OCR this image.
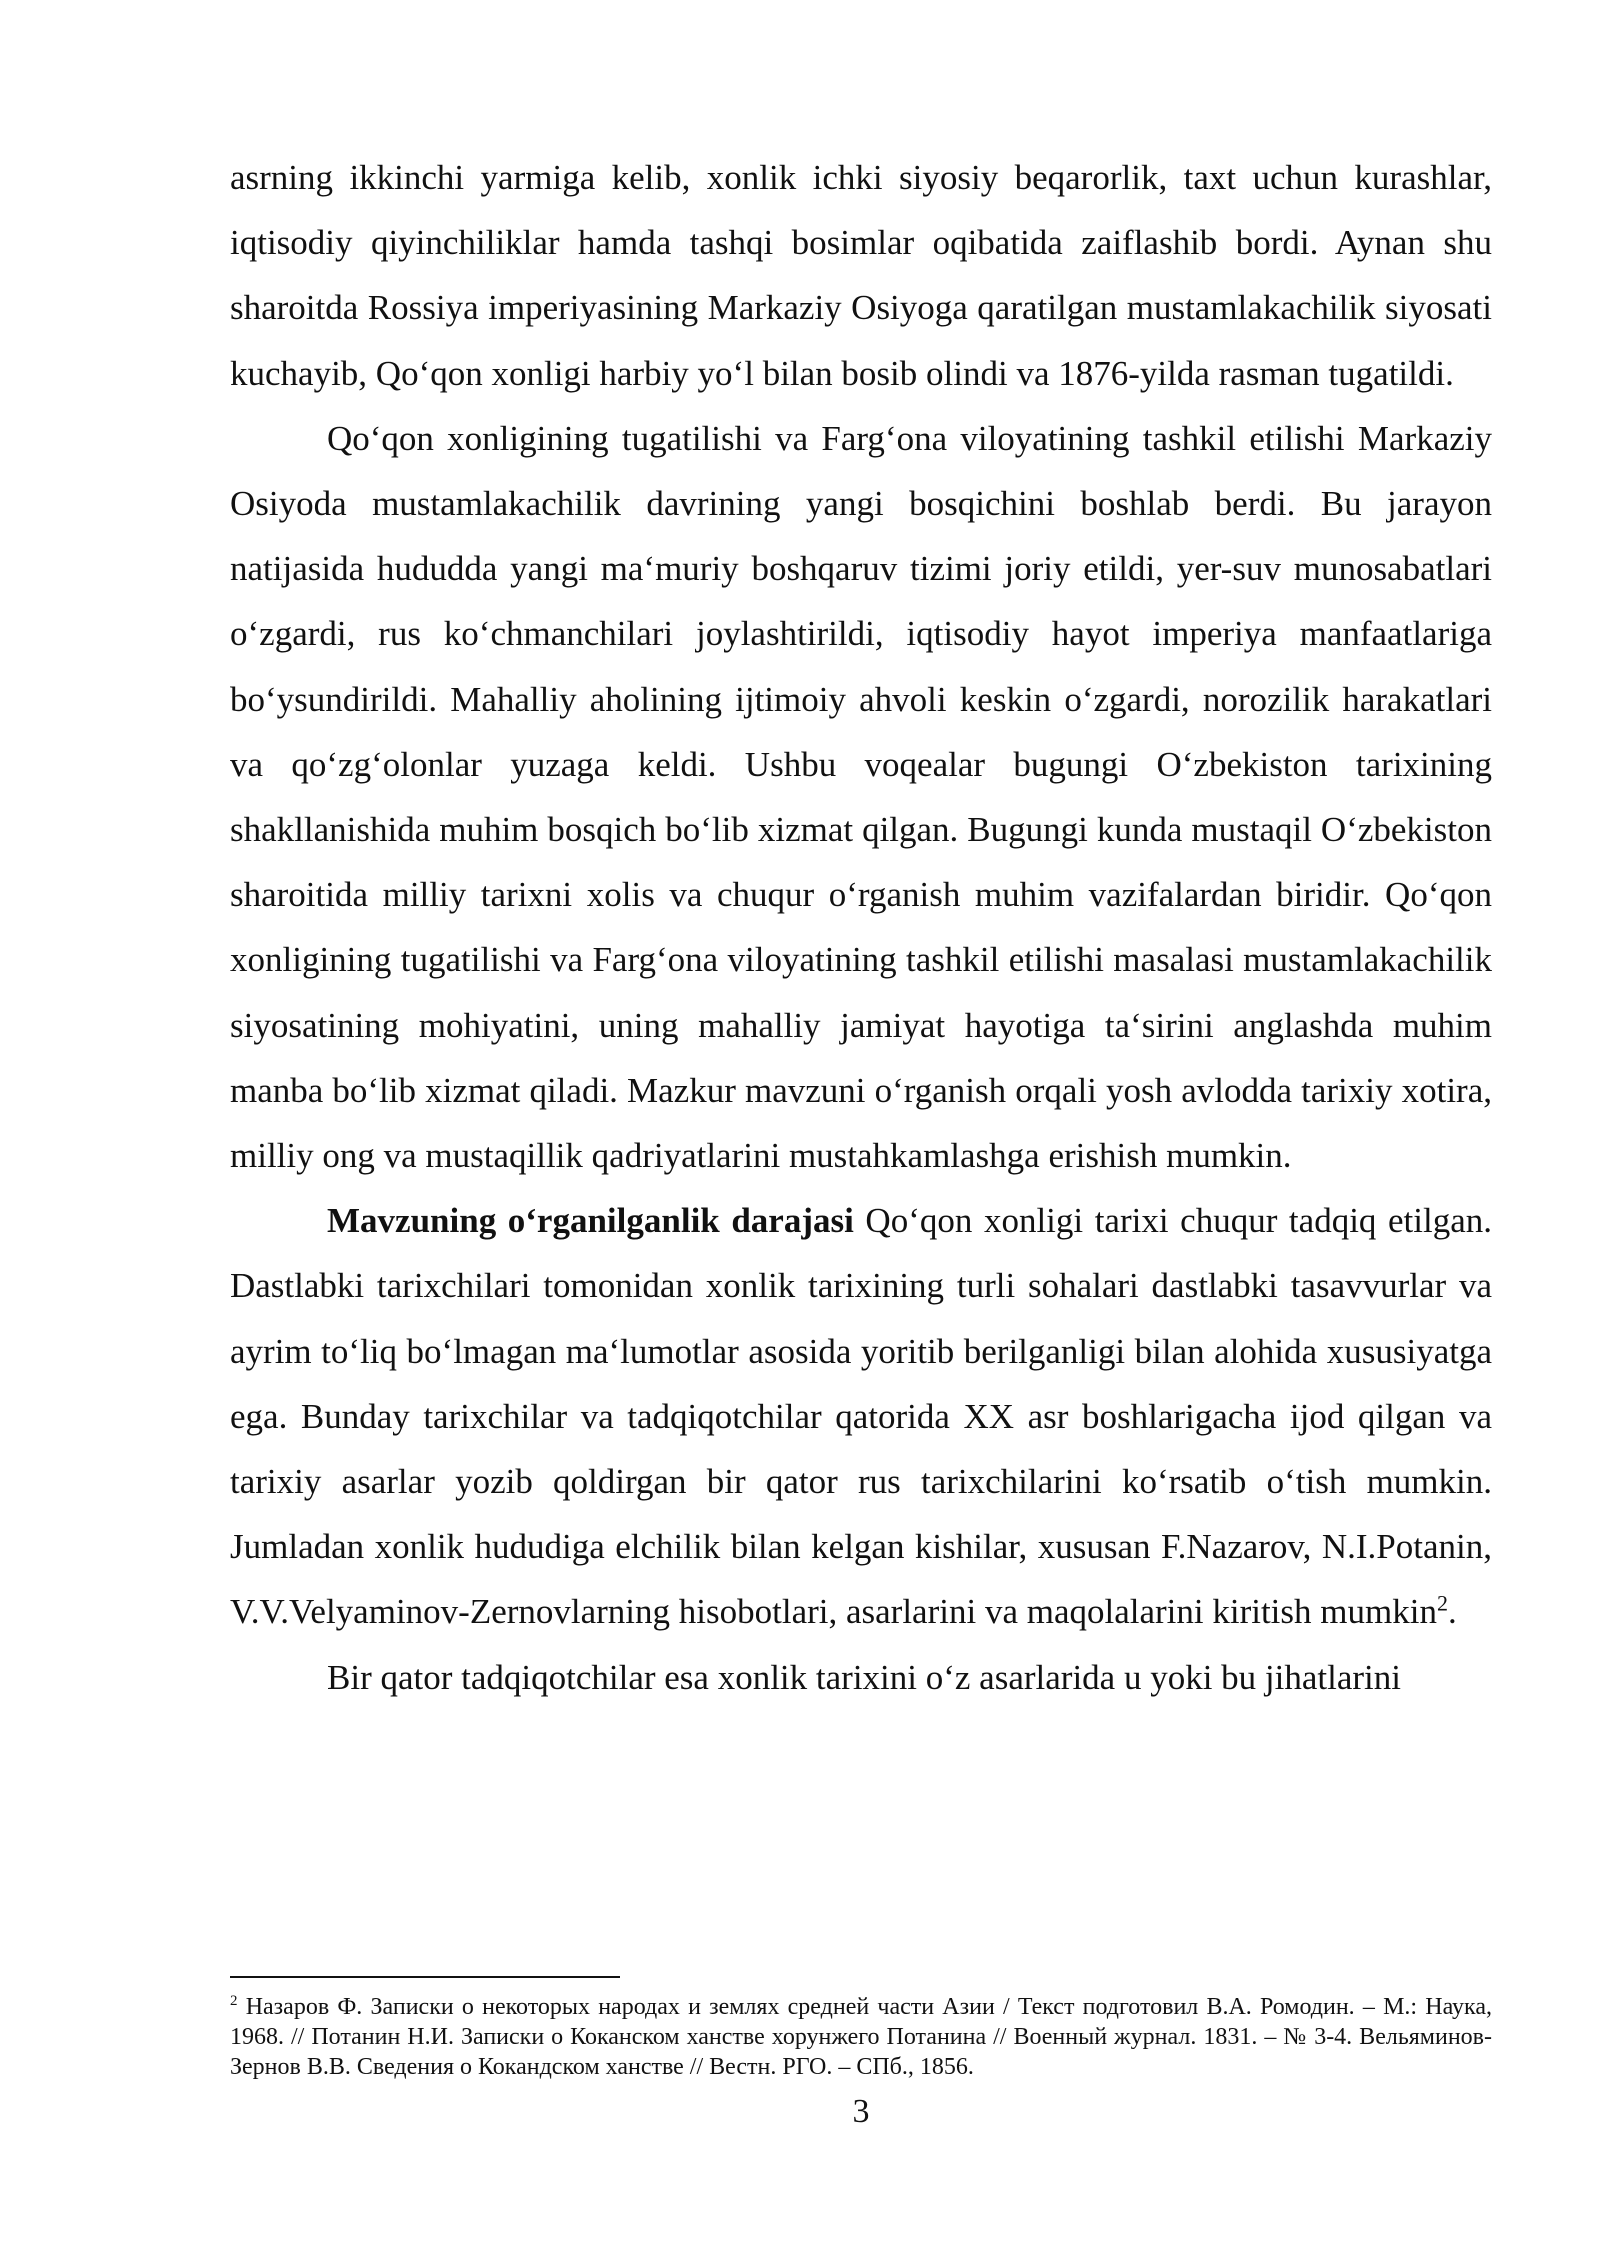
asrning ikkinchi yarmiga kelib, xonlik ichki siyosiy beqarorlik, taxt uchun kurashlar, iqtisodiy qiyinchiliklar hamda tashqi bosimlar oqibatida zaiflashib bordi. Aynan shu sharoitda Rossiya imperiyasining Markaziy Osiyoga qaratilgan mustamlakachilik siyosati kuchayib, Qo‘qon xonligi harbiy yo‘l bilan bosib olindi va 1876-yilda rasman tugatildi.

Qo‘qon xonligining tugatilishi va Farg‘ona viloyatining tashkil etilishi Markaziy Osiyoda mustamlakachilik davrining yangi bosqichini boshlab berdi. Bu jarayon natijasida hududda yangi ma‘muriy boshqaruv tizimi joriy etildi, yer-suv munosabatlari o‘zgardi, rus ko‘chmanchilari joylashtirildi, iqtisodiy hayot imperiya manfaatlariga bo‘ysundirildi. Mahalliy aholining ijtimoiy ahvoli keskin o‘zgardi, norozilik harakatlari va qo‘zg‘olonlar yuzaga keldi. Ushbu voqealar bugungi O‘zbekiston tarixining shakllanishida muhim bosqich bo‘lib xizmat qilgan. Bugungi kunda mustaqil O‘zbekiston sharoitida milliy tarixni xolis va chuqur o‘rganish muhim vazifalardan biridir. Qo‘qon xonligining tugatilishi va Farg‘ona viloyatining tashkil etilishi masalasi mustamlakachilik siyosatining mohiyatini, uning mahalliy jamiyat hayotiga ta‘sirini anglashda muhim manba bo‘lib xizmat qiladi. Mazkur mavzuni o‘rganish orqali yosh avlodda tarixiy xotira, milliy ong va mustaqillik qadriyatlarini mustahkamlashga erishish mumkin.

Mavzuning o‘rganilganlik darajasi Qo‘qon xonligi tarixi chuqur tadqiq etilgan. Dastlabki tarixchilari tomonidan xonlik tarixining turli sohalari dastlabki tasavvurlar va ayrim to‘liq bo‘lmagan ma‘lumotlar asosida yoritib berilganligi bilan alohida xususiyatga ega. Bunday tarixchilar va tadqiqotchilar qatorida XX asr boshlarigacha ijod qilgan va tarixiy asarlar yozib qoldirgan bir qator rus tarixchilarini ko‘rsatib o‘tish mumkin. Jumladan xonlik hududiga elchilik bilan kelgan kishilar, xususan F.Nazarov, N.I.Potanin, V.V.Velyaminov-Zernovlarning hisobotlari, asarlarini va maqolalarini kiritish mumkin$^2$.

Bir qator tadqiqotchilar esa xonlik tarixini o‘z asarlarida u yoki bu jihatlarini

$^2$ Назаров Ф. Записки о некоторых народах и землях средней части Азии / Текст подготовил В.А. Ромодин. – М.: Наука, 1968. // Потанин Н.И. Записки о Коканском ханстве хорунжего Потанина // Военный журнал. 1831. – № 3-4. Вельяминов-Зернов В.В. Сведения о Кокандском ханстве // Вестн. РГО. – СПб., 1856.

3
